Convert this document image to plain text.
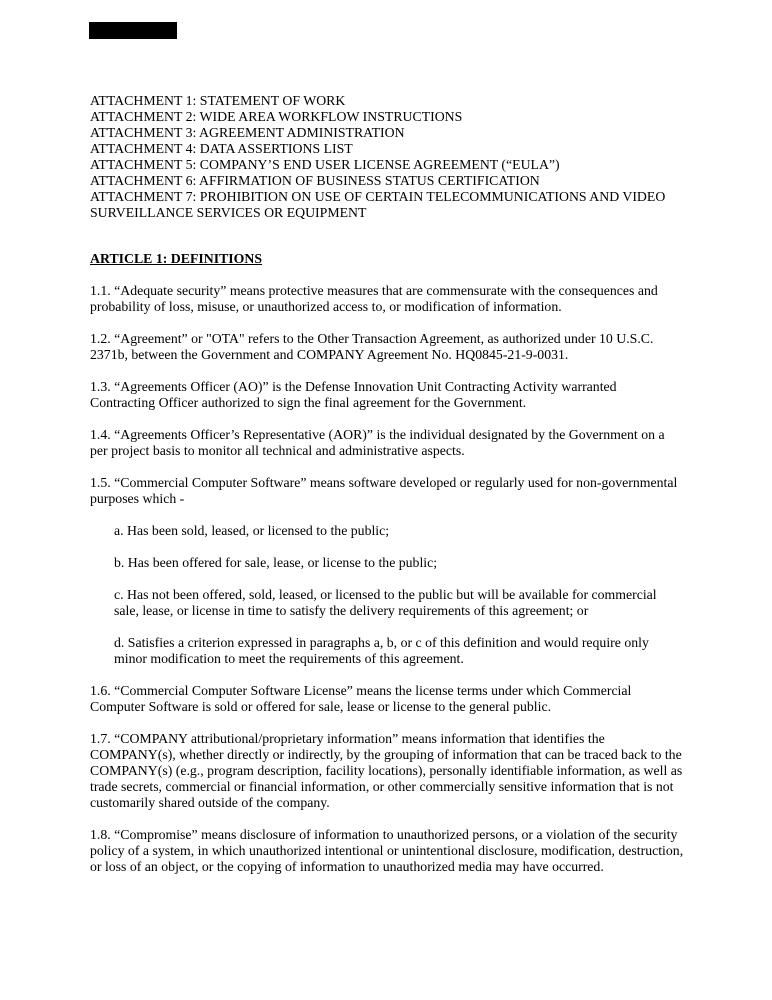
ATTACHMENT 1: STATEMENT OF WORK
ATTACHMENT 2: WIDE AREA WORKFLOW INSTRUCTIONS
ATTACHMENT 3: AGREEMENT ADMINISTRATION
ATTACHMENT 4: DATA ASSERTIONS LIST
ATTACHMENT 5: COMPANY’S END USER LICENSE AGREEMENT (“EULA”)
ATTACHMENT 6: AFFIRMATION OF BUSINESS STATUS CERTIFICATION
ATTACHMENT 7: PROHIBITION ON USE OF CERTAIN TELECOMMUNICATIONS AND VIDEO SURVEILLANCE SERVICES OR EQUIPMENT
ARTICLE 1: DEFINITIONS

1.1. “Adequate security” means protective measures that are commensurate with the consequences and probability of loss, misuse, or unauthorized access to, or modification of information.

1.2. “Agreement” or "OTA" refers to the Other Transaction Agreement, as authorized under 10 U.S.C. 2371b, between the Government and COMPANY Agreement No. HQ0845-21-9-0031.

1.3. “Agreements Officer (AO)” is the Defense Innovation Unit Contracting Activity warranted Contracting Officer authorized to sign the final agreement for the Government.

1.4. “Agreements Officer’s Representative (AOR)” is the individual designated by the Government on a per project basis to monitor all technical and administrative aspects.

1.5. “Commercial Computer Software” means software developed or regularly used for non-governmental purposes which -

a. Has been sold, leased, or licensed to the public;

b. Has been offered for sale, lease, or license to the public;

c. Has not been offered, sold, leased, or licensed to the public but will be available for commercial sale, lease, or license in time to satisfy the delivery requirements of this agreement; or

d. Satisfies a criterion expressed in paragraphs a, b, or c of this definition and would require only minor modification to meet the requirements of this agreement.

1.6. “Commercial Computer Software License” means the license terms under which Commercial Computer Software is sold or offered for sale, lease or license to the general public.

1.7. “COMPANY attributional/proprietary information” means information that identifies the COMPANY(s), whether directly or indirectly, by the grouping of information that can be traced back to the COMPANY(s) (e.g., program description, facility locations), personally identifiable information, as well as trade secrets, commercial or financial information, or other commercially sensitive information that is not customarily shared outside of the company.

1.8. “Compromise” means disclosure of information to unauthorized persons, or a violation of the security policy of a system, in which unauthorized intentional or unintentional disclosure, modification, destruction, or loss of an object, or the copying of information to unauthorized media may have occurred.
